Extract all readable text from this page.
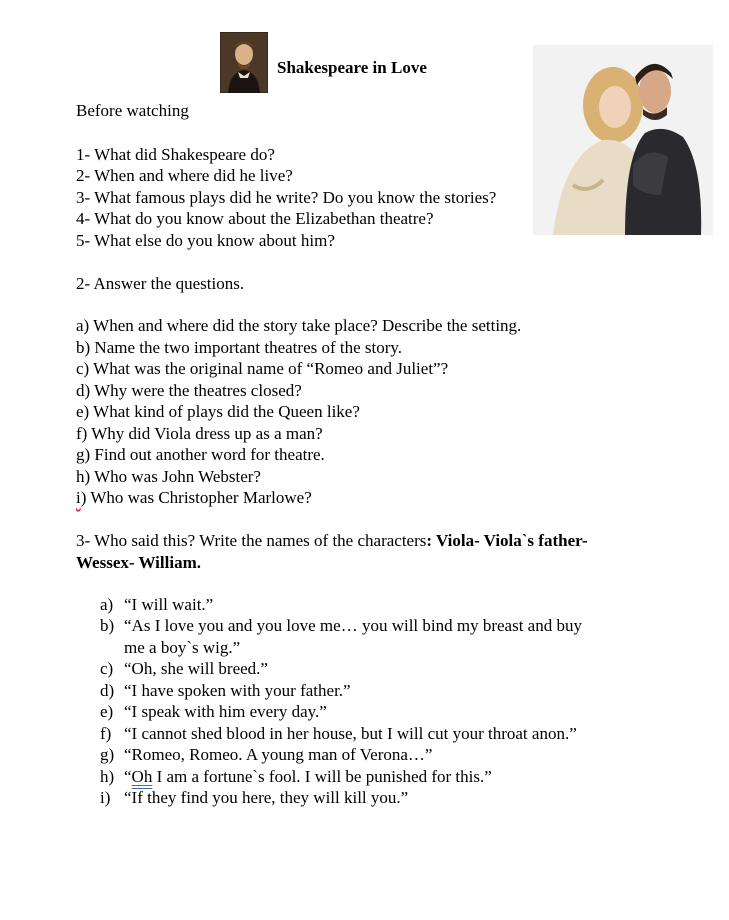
Shakespeare in Love
Before watching
1- What did Shakespeare do?
2- When and where did he live?
3- What famous plays did he write? Do you know the stories?
4- What do you know about the Elizabethan theatre?
5- What else do you know about him?
2- Answer the questions.
a) When and where did the story take place? Describe the setting.
b) Name the two important theatres of the story.
c) What was the original name of “Romeo and Juliet”?
d) Why were the theatres closed?
e) What kind of plays did the Queen like?
f) Why did Viola dress up as a man?
g) Find out another word for theatre.
h) Who was John Webster?
i) Who was Christopher Marlowe?
3- Who said this? Write the names of the characters: Viola- Viola`s father-
Wessex- William.
a) “I will wait.”
b) “As I love you and you love me… you will bind my breast and buy
me a boy`s wig.”
c) “Oh, she will breed.”
d) “I have spoken with your father.”
e) “I speak with him every day.”
f) “I cannot shed blood in her house, but I will cut your throat anon.”
g) “Romeo, Romeo. A young man of Verona…”
h) “Oh I am a fortune`s fool. I will be punished for this.”
i) “If they find you here, they will kill you.”
